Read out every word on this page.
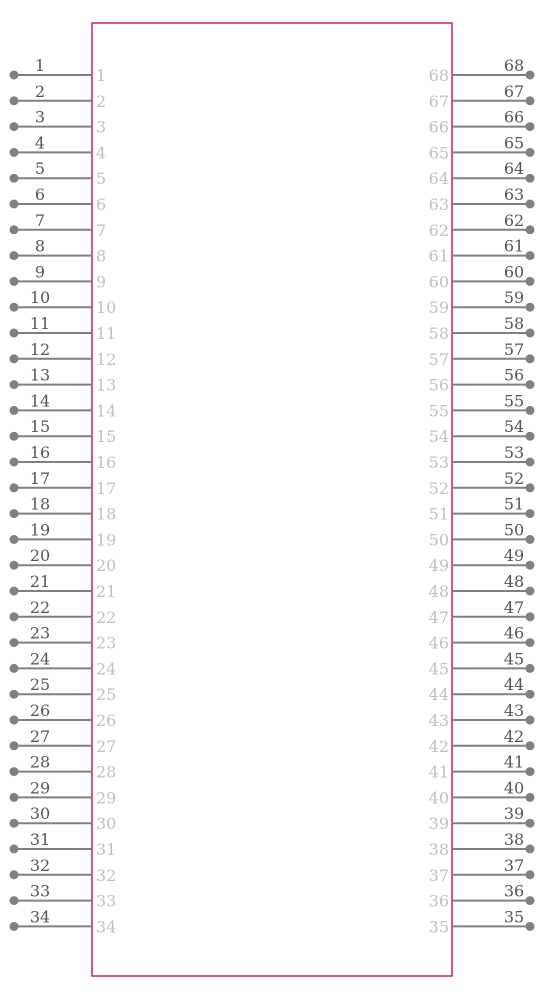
1
1
2
2
3
3
4
4
5
5
6
6
7
7
8
8
9
9
10
10
11
11
12
12
13
13
14
14
15
15
16
16
17
17
18
18
19
19
20
20
21
21
22
22
23
23
24
24
25
25
26
26
27
27
28
28
29
29
30
30
31
31
32
32
33
33
34
34
68
68
67
67
66
66
65
65
64
64
63
63
62
62
61
61
60
60
59
59
58
58
57
57
56
56
55
55
54
54
53
53
52
52
51
51
50
50
49
49
48
48
47
47
46
46
45
45
44
44
43
43
42
42
41
41
40
40
39
39
38
38
37
37
36
36
35
35
